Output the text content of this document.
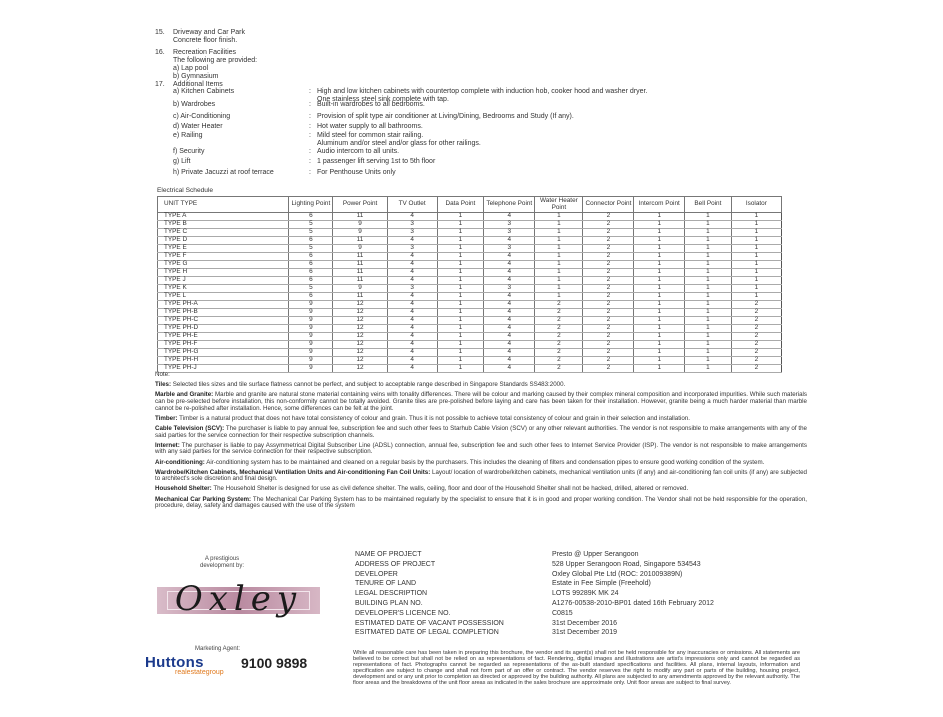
15. Driveway and Car Park
Concrete floor finish.
16. Recreation Facilities
The following are provided:
a) Lap pool
b) Gymnasium
17. Additional Items
a) Kitchen Cabinets	: High and low kitchen cabinets with countertop complete with induction hob, cooker hood and washer dryer.
One stainless steel sink complete with tap.
b) Wardrobes	: Built-in wardrobes to all bedrooms.
c) Air-Conditioning	: Provision of split type air conditioner at Living/Dining, Bedrooms and Study (If any).
d) Water Heater	: Hot water supply to all bathrooms.
e) Railing	: Mild steel for common stair railing.
Aluminum and/or steel and/or glass for other railings.
f) Security	: Audio intercom to all units.
g) Lift	: 1 passenger lift serving 1st to 5th floor
h) Private Jacuzzi at roof terrace	: For Penthouse Units only
Electrical Schedule
UNIT TYPE	Lighting Point	Power Point	TV Outlet	Data Point	Telephone Point	Water Heater Point	Connector Point	Intercom Point	Bell Point	Isolator
TYPE A	6	11	4	1	4	1	2	1	1	1
TYPE B	5	9	3	1	3	1	2	1	1	1
TYPE C	5	9	3	1	3	1	2	1	1	1
TYPE D	6	11	4	1	4	1	2	1	1	1
TYPE E	5	9	3	1	3	1	2	1	1	1
TYPE F	6	11	4	1	4	1	2	1	1	1
TYPE G	6	11	4	1	4	1	2	1	1	1
TYPE H	6	11	4	1	4	1	2	1	1	1
TYPE J	6	11	4	1	4	1	2	1	1	1
TYPE K	5	9	3	1	3	1	2	1	1	1
TYPE L	6	11	4	1	4	1	2	1	1	1
TYPE PH-A	9	12	4	1	4	2	2	1	1	2
TYPE PH-B	9	12	4	1	4	2	2	1	1	2
TYPE PH-C	9	12	4	1	4	2	2	1	1	2
TYPE PH-D	9	12	4	1	4	2	2	1	1	2
TYPE PH-E	9	12	4	1	4	2	2	1	1	2
TYPE PH-F	9	12	4	1	4	2	2	1	1	2
TYPE PH-G	9	12	4	1	4	2	2	1	1	2
TYPE PH-H	9	12	4	1	4	2	2	1	1	2
TYPE PH-J	9	12	4	1	4	2	2	1	1	2

Note:

Tiles: Selected tiles sizes and tile surface flatness cannot be perfect, and subject to acceptable range described in Singapore Standards SS483:2000.

Marble and Granite: Marble and granite are natural stone material containing veins with tonality differences. There will be colour and marking caused by their complex mineral composition and incorporated impurities. While such materials can be pre-selected before installation, this non-conformity cannot be totally avoided. Granite tiles are pre-polished before laying and care has been taken for their installation. However, granite being a much harder material than marble cannot be re-polished after installation. Hence, some differences can be felt at the joint.

Timber: Timber is a natural product that does not have total consistency of colour and grain. Thus it is not possible to achieve total consistency of colour and grain in their selection and installation.

Cable Television (SCV): The purchaser is liable to pay annual fee, subscription fee and such other fees to Starhub Cable Vision (SCV) or any other relevant authorities. The vendor is not responsible to make arrangements with any of the said parties for the service connection for their respective subscription channels.

Internet: The purchaser is liable to pay Assymmetrical Digital Subscriber Line (ADSL) connection, annual fee, subscription fee and such other fees to Internet Service Provider (ISP). The vendor is not responsible to make arrangements with any said parties for the service connection for their respective subscription.

Air-conditioning: Air-conditioning system has to be maintained and cleaned on a regular basis by the purchasers. This includes the cleaning of filters and condensation pipes to ensure good working condition of the system.

Wardrobe/Kitchen Cabinets, Mechanical Ventilation Units and Air-conditioning Fan Coil Units: Layout/ location of wardrobe/kitchen cabinets, mechanical ventilation units (if any) and air-conditioning fan coil units (if any) are subjected to architect's sole discretion and final design.

Household Shelter: The Household Shelter is designed for use as civil defence shelter. The walls, ceiling, floor and door of the Household Shelter shall not be hacked, drilled, altered or removed.

Mechanical Car Parking System: The Mechanical Car Parking System has to be maintained regularly by the specialist to ensure that it is in good and proper working condition. The Vendor shall not be held responsible for the operation, procedure, delay, safety and damages caused with the use of the system

A prestigious development by:
Oxley
Marketing Agent:
Huttons
realestategroup
9100 9898
NAME OF PROJECT	Presto @ Upper Serangoon
ADDRESS OF PROJECT	528 Upper Serangoon Road, Singapore 534543
DEVELOPER	Oxley Global Pte Ltd (ROC: 201009389N)
TENURE OF LAND	Estate in Fee Simple (Freehold)
LEGAL DESCRIPTION	LOTS 99289K MK 24
BUILDING PLAN NO.	A1276-00538-2010-BP01 dated 16th February 2012
DEVELOPER'S LICENCE NO.	C0815
ESTIMATED DATE OF VACANT POSSESSION	31st December 2016
ESITMATED DATE OF LEGAL COMPLETION	31st December 2019
While all reasonable care has been taken in preparing this brochure, the vendor and its agent(s) shall not be held responsible for any inaccuracies or omissions. All statements are believed to be correct but shall not be relied on as representations of fact. Rendering, digital images and illustrations are artist's impressions only and cannot be regarded as representations of fact. Photographs cannot be regarded as representations of the as-built standard specifications and facilities. All plans, internal layouts, information and specification are subject to change and shall not form part of an offer or contract. The vendor reserves the right to modify any part or parts of the building, housing project, development and or any unit prior to completion as directed or approved by the building authority. All plans are subjected to any amendments approved by the relevant authority. The floor areas and the breakdowns of the unit floor areas as indicated in the sales brochure are approximate only. Unit floor areas are subject to final survey.
